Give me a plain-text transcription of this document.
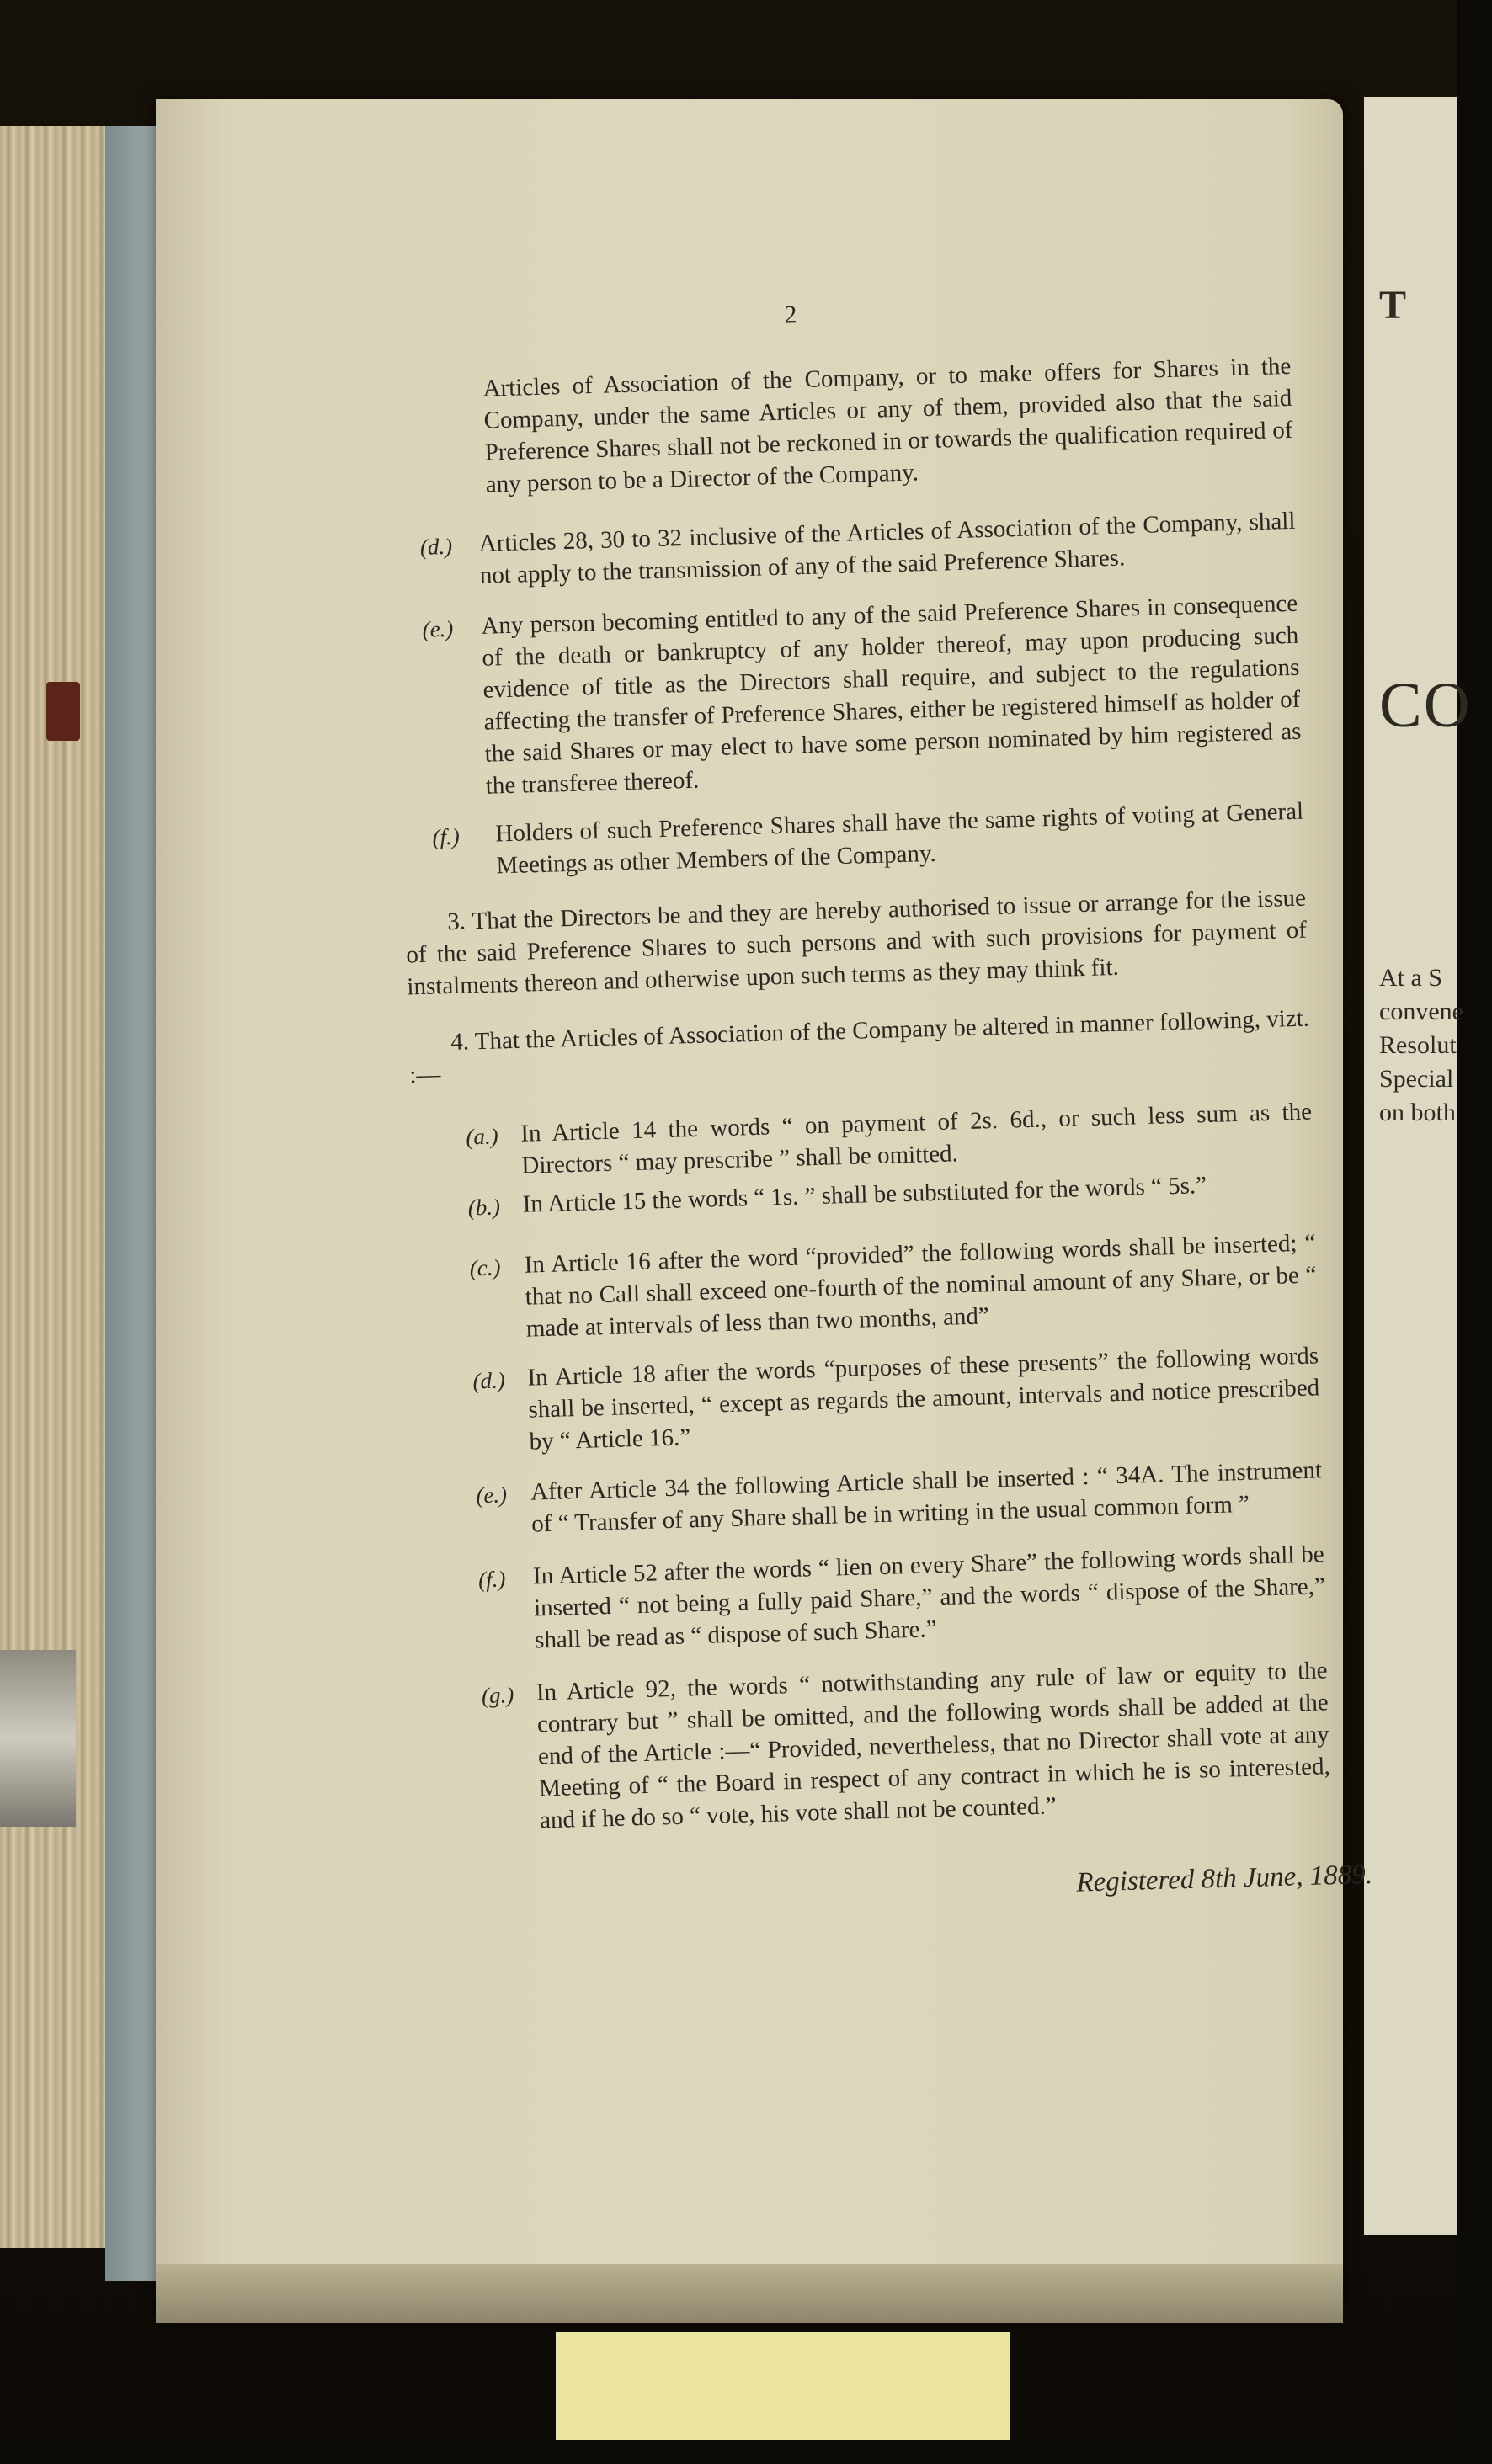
T
CO
At a S
convene
Resolut
Special
on both
2
Articles of Association of the Company, or to make offers for Shares in the Company, under the same Articles or any of them, provided also that the said Preference Shares shall not be reckoned in or towards the qualification required of any person to be a Director of the Company.
(d.) Articles 28, 30 to 32 inclusive of the Articles of Association of the Company, shall not apply to the transmission of any of the said Preference Shares.
(e.) Any person becoming entitled to any of the said Preference Shares in consequence of the death or bankruptcy of any holder thereof, may upon producing such evidence of title as the Directors shall require, and subject to the regulations affecting the transfer of Preference Shares, either be registered himself as holder of the said Shares or may elect to have some person nominated by him registered as the transferee thereof.
(f.) Holders of such Preference Shares shall have the same rights of voting at General Meetings as other Members of the Company.
3. That the Directors be and they are hereby authorised to issue or arrange for the issue of the said Preference Shares to such persons and with such provisions for payment of instalments thereon and otherwise upon such terms as they may think fit.
4. That the Articles of Association of the Company be altered in manner following, vizt. :—
(a.) In Article 14 the words “ on payment of 2s. 6d., or such less sum as the Directors “ may prescribe ” shall be omitted.
(b.) In Article 15 the words “ 1s. ” shall be substituted for the words “ 5s.”
(c.) In Article 16 after the word “provided” the following words shall be inserted; “ that no Call shall exceed one-fourth of the nominal amount of any Share, or be “ made at intervals of less than two months, and”
(d.) In Article 18 after the words “purposes of these presents” the following words shall be inserted, “ except as regards the amount, intervals and notice prescribed by “ Article 16.”
(e.) After Article 34 the following Article shall be inserted : “ 34A. The instrument of “ Transfer of any Share shall be in writing in the usual common form ”
(f.) In Article 52 after the words “ lien on every Share” the following words shall be inserted “ not being a fully paid Share,” and the words “ dispose of the Share,” shall be read as “ dispose of such Share.”
(g.) In Article 92, the words “ notwithstanding any rule of law or equity to the contrary but ” shall be omitted, and the following words shall be added at the end of the Article :—“ Provided, nevertheless, that no Director shall vote at any Meeting of “ the Board in respect of any contract in which he is so interested, and if he do so “ vote, his vote shall not be counted.”
Registered 8th June, 1889.
